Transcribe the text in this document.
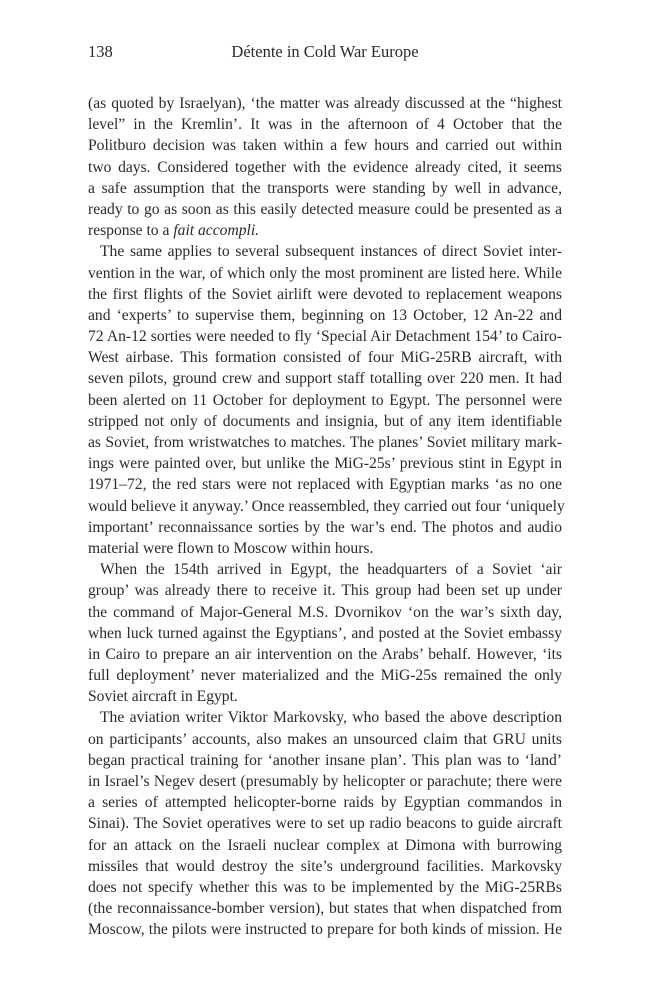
138	Détente in Cold War Europe
(as quoted by Israelyan), ‘the matter was already discussed at the “highest
level” in the Kremlin’. It was in the afternoon of 4 October that the
Politburo decision was taken within a few hours and carried out within
two days. Considered together with the evidence already cited, it seems
a safe assumption that the transports were standing by well in advance,
ready to go as soon as this easily detected measure could be presented as a
response to a fait accompli.
The same applies to several subsequent instances of direct Soviet inter-
vention in the war, of which only the most prominent are listed here. While
the first flights of the Soviet airlift were devoted to replacement weapons
and ‘experts’ to supervise them, beginning on 13 October, 12 An-22 and
72 An-12 sorties were needed to fly ‘Special Air Detachment 154’ to Cairo-
West airbase. This formation consisted of four MiG-25RB aircraft, with
seven pilots, ground crew and support staff totalling over 220 men. It had
been alerted on 11 October for deployment to Egypt. The personnel were
stripped not only of documents and insignia, but of any item identifiable
as Soviet, from wristwatches to matches. The planes’ Soviet military mark-
ings were painted over, but unlike the MiG-25s’ previous stint in Egypt in
1971–72, the red stars were not replaced with Egyptian marks ‘as no one
would believe it anyway.’ Once reassembled, they carried out four ‘uniquely
important’ reconnaissance sorties by the war’s end. The photos and audio
material were flown to Moscow within hours.
When the 154th arrived in Egypt, the headquarters of a Soviet ‘air
group’ was already there to receive it. This group had been set up under
the command of Major-General M.S. Dvornikov ‘on the war’s sixth day,
when luck turned against the Egyptians’, and posted at the Soviet embassy
in Cairo to prepare an air intervention on the Arabs’ behalf. However, ‘its
full deployment’ never materialized and the MiG-25s remained the only
Soviet aircraft in Egypt.
The aviation writer Viktor Markovsky, who based the above description
on participants’ accounts, also makes an unsourced claim that GRU units
began practical training for ‘another insane plan’. This plan was to ‘land’
in Israel’s Negev desert (presumably by helicopter or parachute; there were
a series of attempted helicopter-borne raids by Egyptian commandos in
Sinai). The Soviet operatives were to set up radio beacons to guide aircraft
for an attack on the Israeli nuclear complex at Dimona with burrowing
missiles that would destroy the site’s underground facilities. Markovsky
does not specify whether this was to be implemented by the MiG-25RBs
(the reconnaissance-bomber version), but states that when dispatched from
Moscow, the pilots were instructed to prepare for both kinds of mission. He
